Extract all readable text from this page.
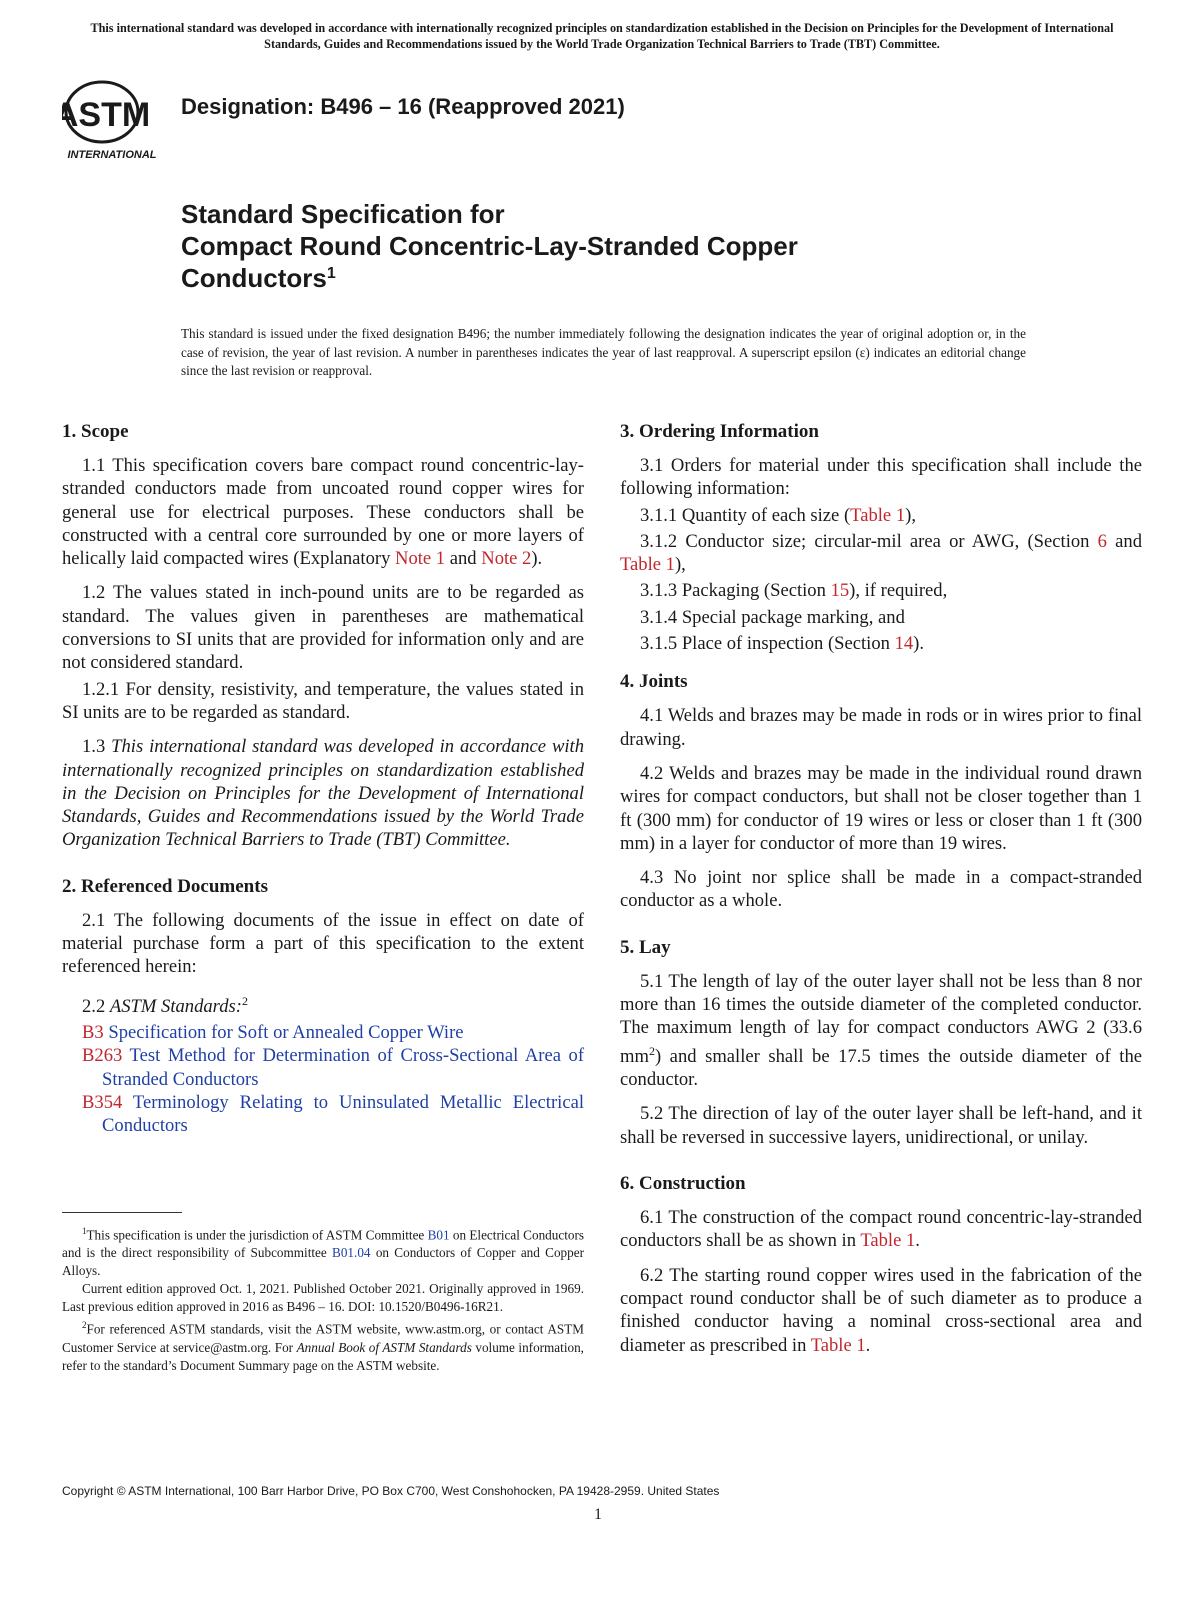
This international standard was developed in accordance with internationally recognized principles on standardization established in the Decision on Principles for the Development of International Standards, Guides and Recommendations issued by the World Trade Organization Technical Barriers to Trade (TBT) Committee.
ASTM
INTERNATIONAL
Designation: B496 – 16 (Reapproved 2021)
Standard Specification for
Compact Round Concentric-Lay-Stranded Copper
Conductors$^1$
This standard is issued under the fixed designation B496; the number immediately following the designation indicates the year of original adoption or, in the case of revision, the year of last revision. A number in parentheses indicates the year of last reapproval. A superscript epsilon (ε) indicates an editorial change since the last revision or reapproval.
1. Scope

1.1 This specification covers bare compact round concentric-lay-stranded conductors made from uncoated round copper wires for general use for electrical purposes. These conductors shall be constructed with a central core surrounded by one or more layers of helically laid compacted wires (Explanatory Note 1 and Note 2).

1.2 The values stated in inch-pound units are to be regarded as standard. The values given in parentheses are mathematical conversions to SI units that are provided for information only and are not considered standard.

1.2.1 For density, resistivity, and temperature, the values stated in SI units are to be regarded as standard.

1.3 This international standard was developed in accordance with internationally recognized principles on standardization established in the Decision on Principles for the Development of International Standards, Guides and Recommendations issued by the World Trade Organization Technical Barriers to Trade (TBT) Committee.

2. Referenced Documents

2.1 The following documents of the issue in effect on date of material purchase form a part of this specification to the extent referenced herein:

2.2 ASTM Standards:$^2$

B3 Specification for Soft or Annealed Copper Wire

B263 Test Method for Determination of Cross-Sectional Area of Stranded Conductors

B354 Terminology Relating to Uninsulated Metallic Electrical Conductors

$^1$This specification is under the jurisdiction of ASTM Committee B01 on Electrical Conductors and is the direct responsibility of Subcommittee B01.04 on Conductors of Copper and Copper Alloys.

Current edition approved Oct. 1, 2021. Published October 2021. Originally approved in 1969. Last previous edition approved in 2016 as B496 – 16. DOI: 10.1520/B0496-16R21.

$^2$For referenced ASTM standards, visit the ASTM website, www.astm.org, or contact ASTM Customer Service at service@astm.org. For Annual Book of ASTM Standards volume information, refer to the standard’s Document Summary page on the ASTM website.

3. Ordering Information

3.1 Orders for material under this specification shall include the following information:

3.1.1 Quantity of each size (Table 1),

3.1.2 Conductor size; circular-mil area or AWG, (Section 6 and Table 1),

3.1.3 Packaging (Section 15), if required,

3.1.4 Special package marking, and

3.1.5 Place of inspection (Section 14).

4. Joints

4.1 Welds and brazes may be made in rods or in wires prior to final drawing.

4.2 Welds and brazes may be made in the individual round drawn wires for compact conductors, but shall not be closer together than 1 ft (300 mm) for conductor of 19 wires or less or closer than 1 ft (300 mm) in a layer for conductor of more than 19 wires.

4.3 No joint nor splice shall be made in a compact-stranded conductor as a whole.

5. Lay

5.1 The length of lay of the outer layer shall not be less than 8 nor more than 16 times the outside diameter of the completed conductor. The maximum length of lay for compact conductors AWG 2 (33.6 $mm^2$) and smaller shall be 17.5 times the outside diameter of the conductor.

5.2 The direction of lay of the outer layer shall be left-hand, and it shall be reversed in successive layers, unidirectional, or unilay.

6. Construction

6.1 The construction of the compact round concentric-lay-stranded conductors shall be as shown in Table 1.

6.2 The starting round copper wires used in the fabrication of the compact round conductor shall be of such diameter as to produce a finished conductor having a nominal cross-sectional area and diameter as prescribed in Table 1.

Copyright © ASTM International, 100 Barr Harbor Drive, PO Box C700, West Conshohocken, PA 19428-2959. United States
1
